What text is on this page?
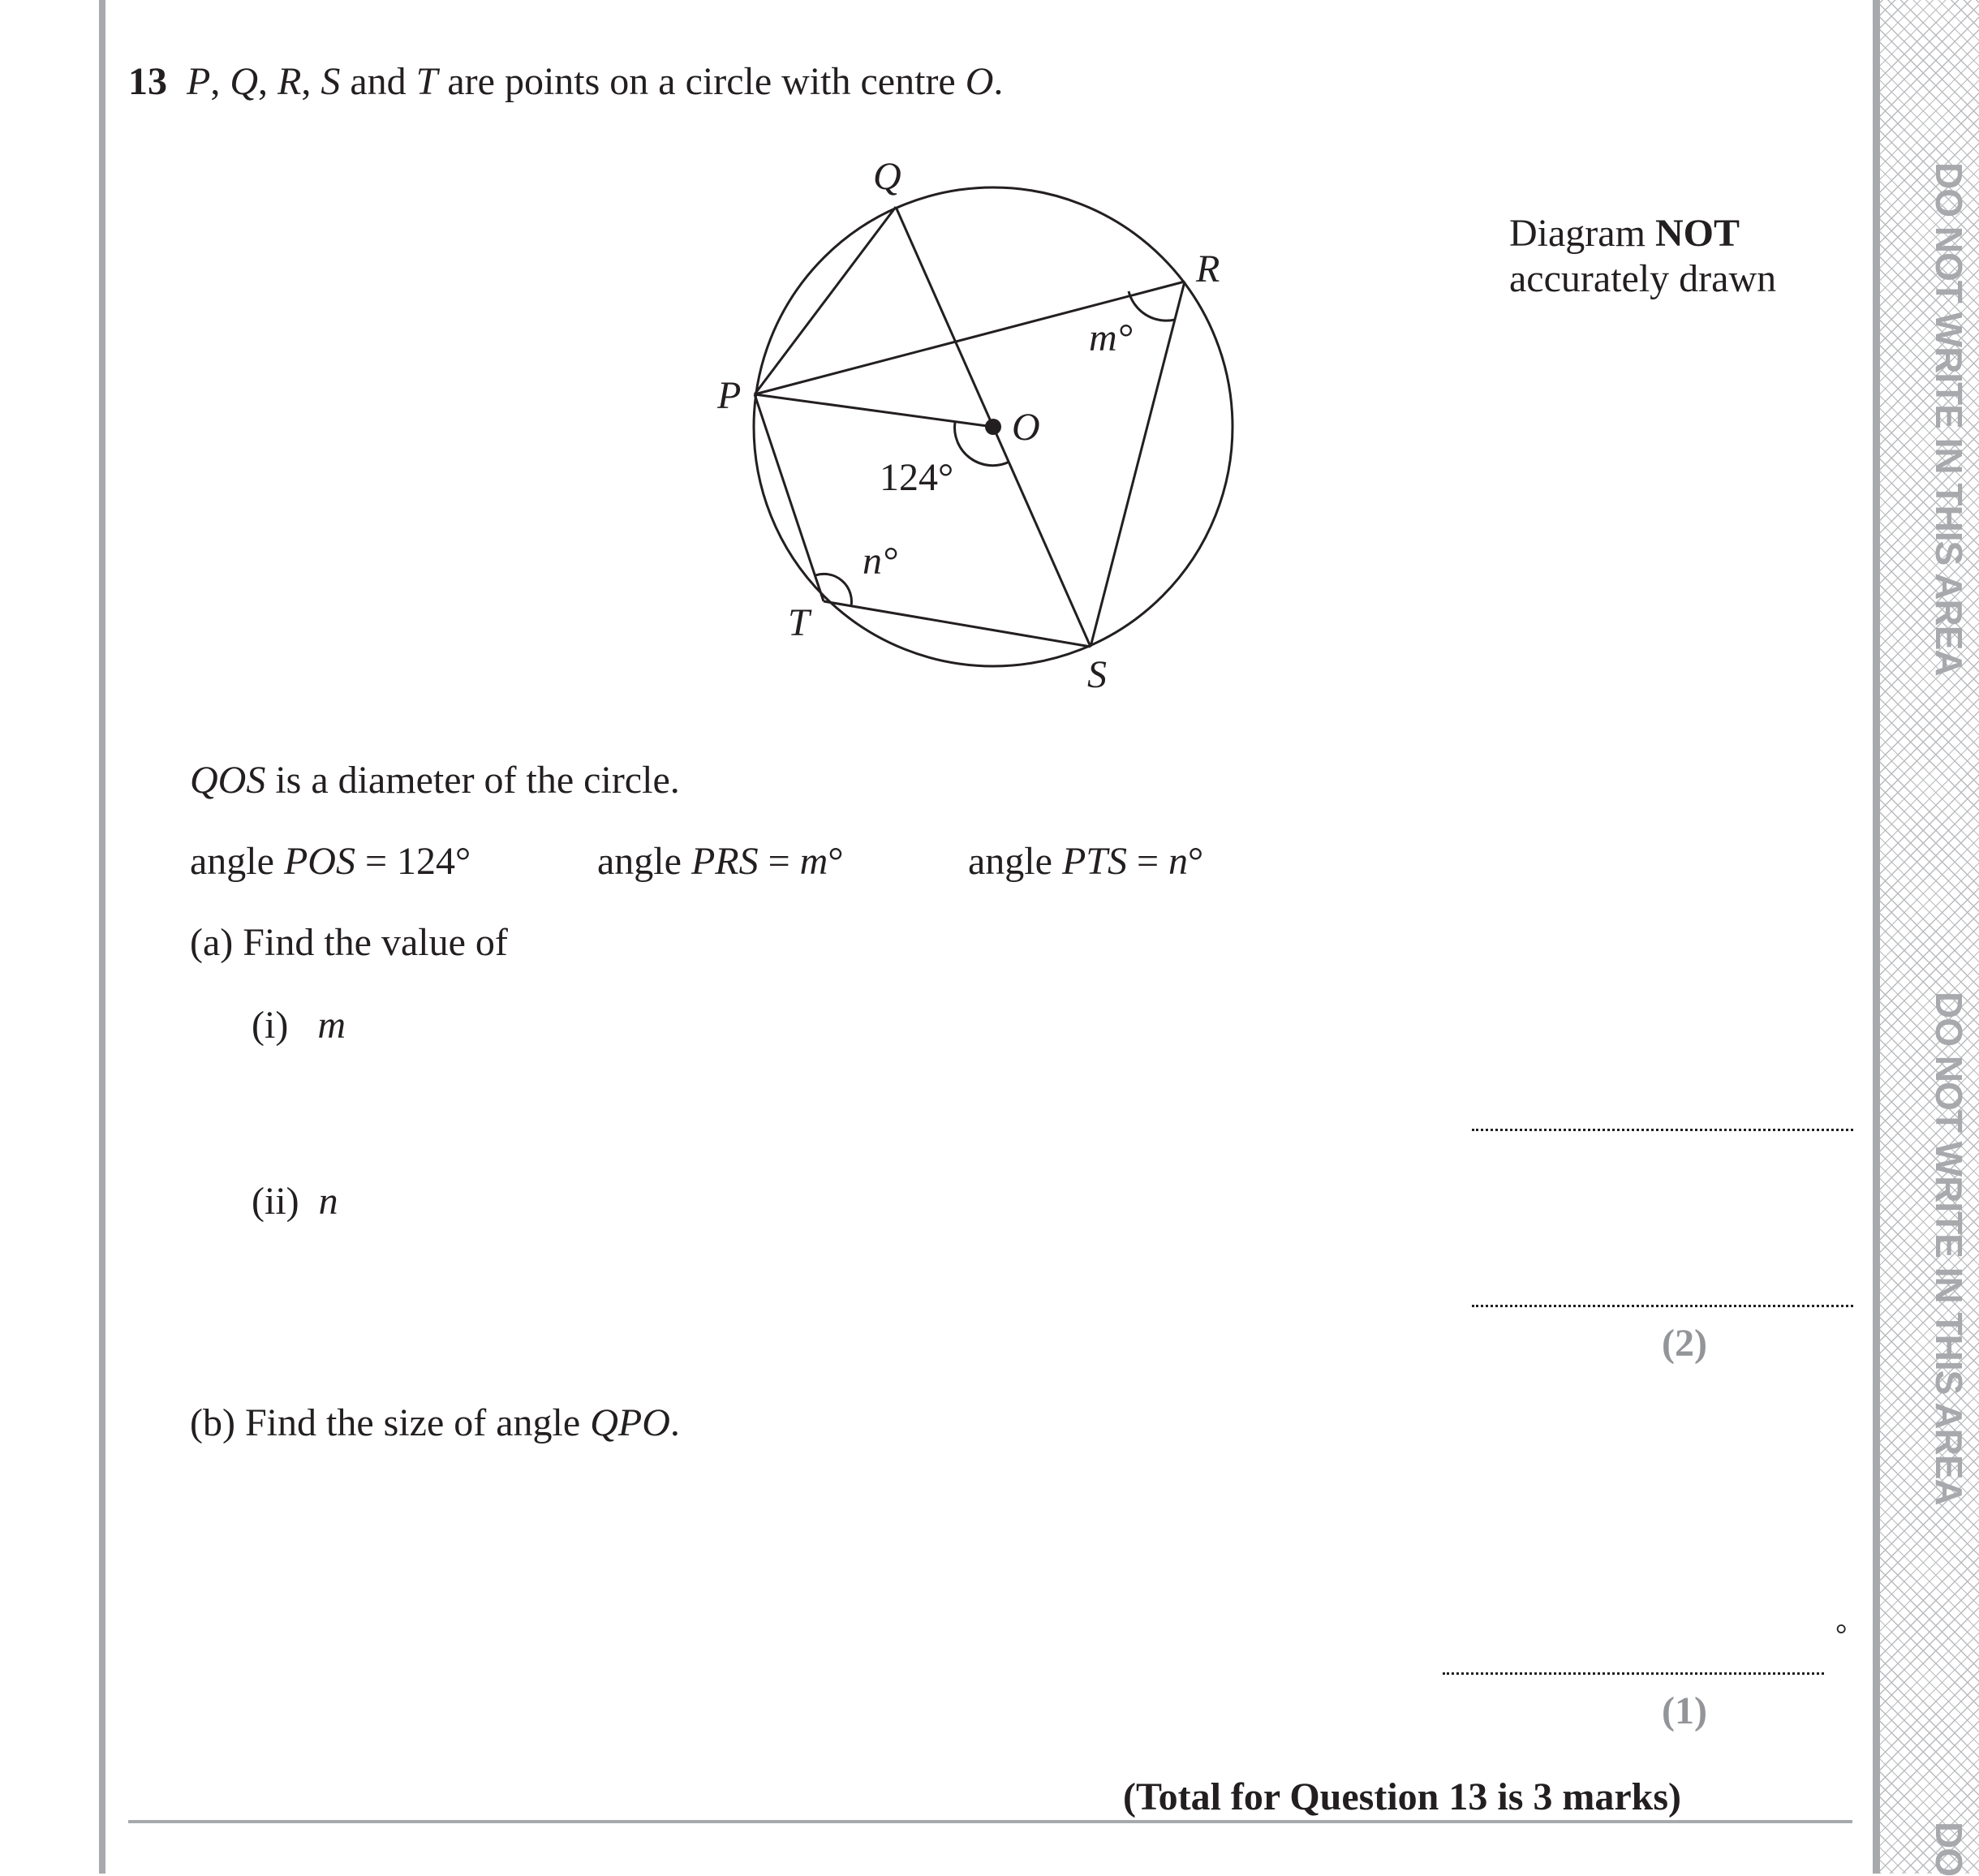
DO NOT WRITE IN THIS AREA
DO NOT WRITE IN THIS AREA
DO
13 P, Q, R, S and T are points on a circle with centre O.
Q
R
P
O
T
S
m°
n°
124°
Diagram NOT
accurately drawn
QOS is a diameter of the circle.
angle POS = 124°	angle PRS = m°	angle PTS = n°
(a) Find the value of
(i) m
(ii) n
(2)
(b) Find the size of angle QPO.
°
(1)
(Total for Question 13 is 3 marks)
